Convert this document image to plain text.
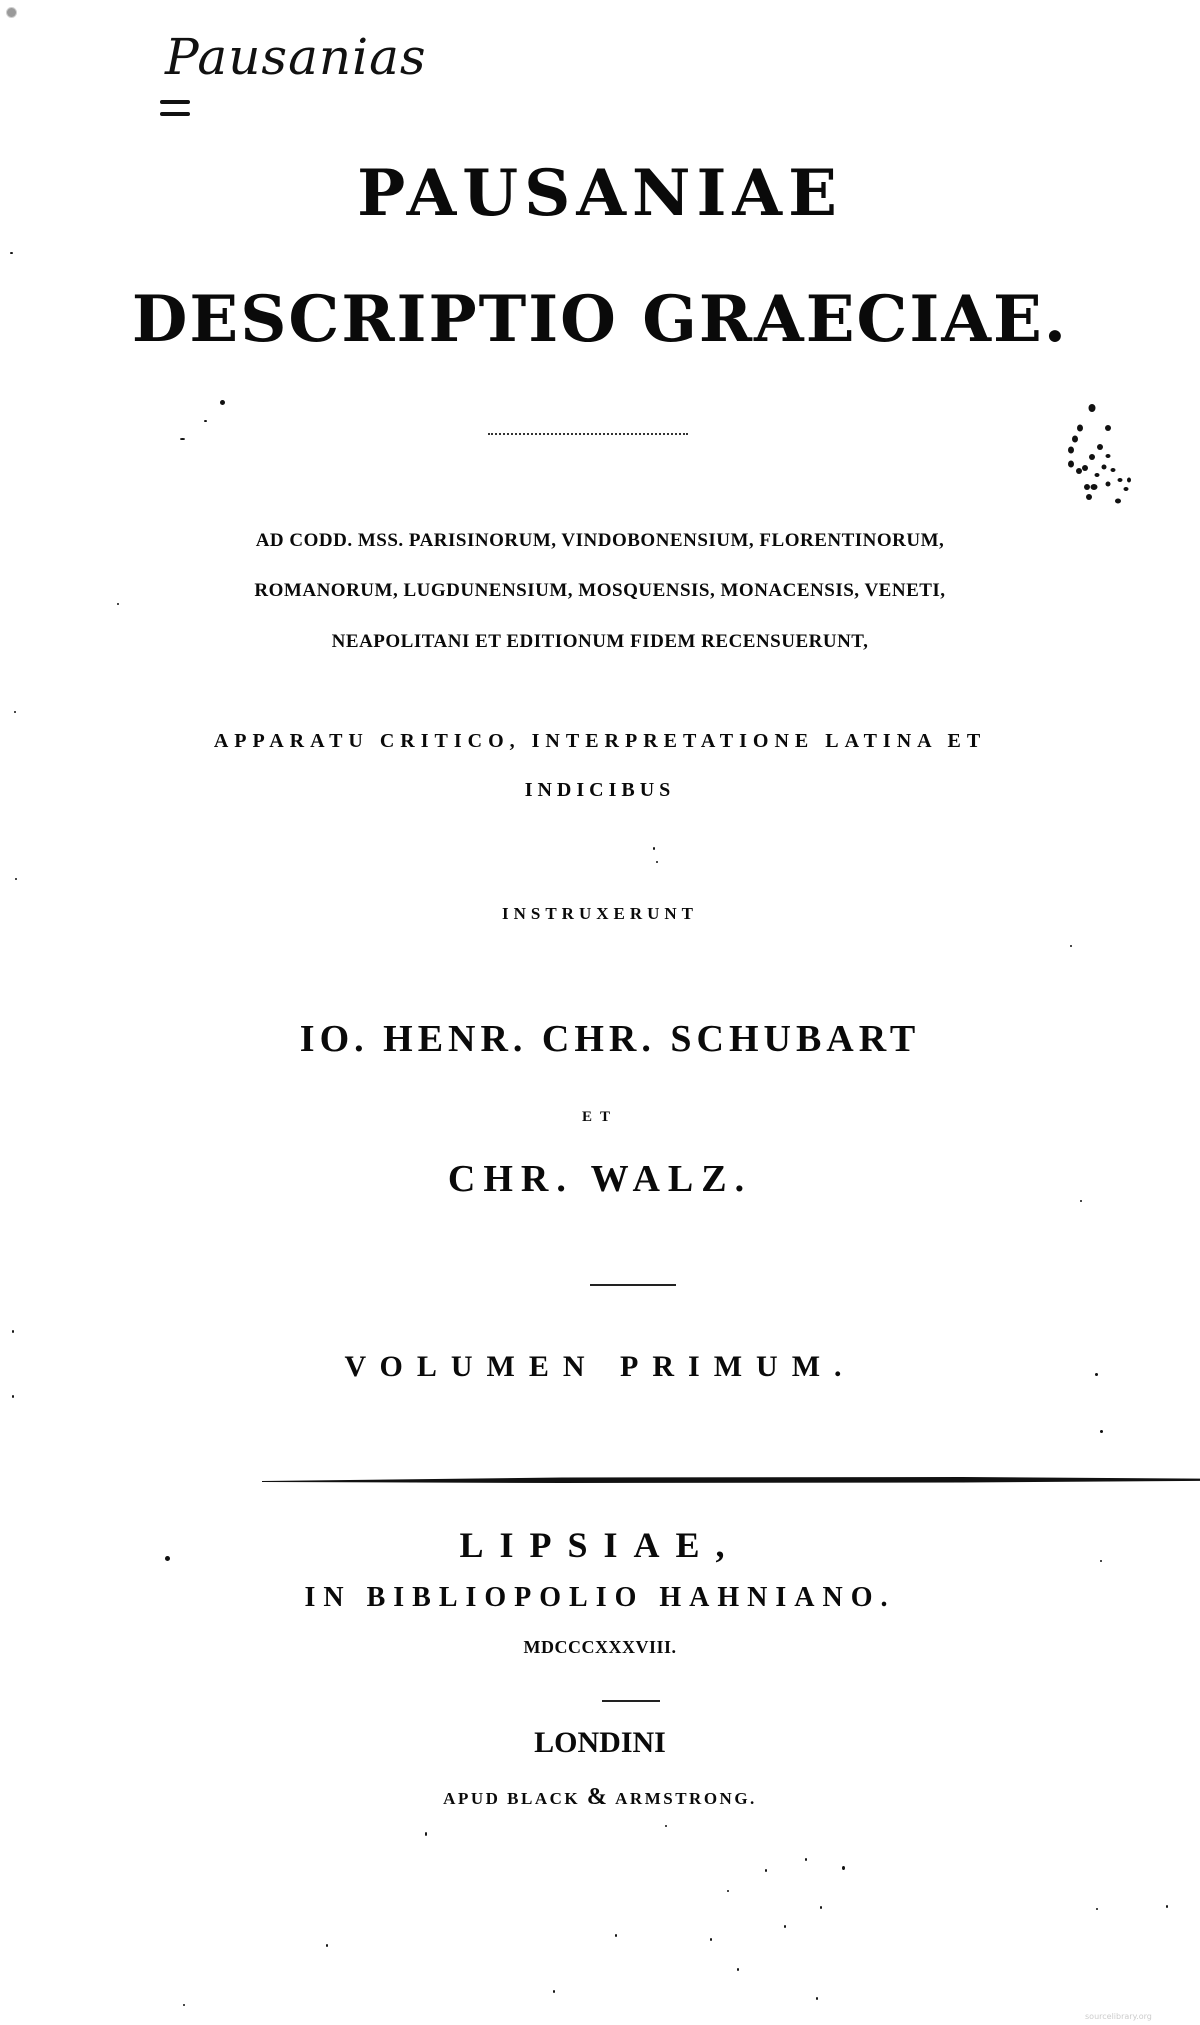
Pausanias
PAUSANIAE
DESCRIPTIO GRAECIAE.
AD CODD. MSS. PARISINORUM, VINDOBONENSIUM, FLORENTINORUM,
ROMANORUM, LUGDUNENSIUM, MOSQUENSIS, MONACENSIS, VENETI,
NEAPOLITANI ET EDITIONUM FIDEM RECENSUERUNT,
APPARATU CRITICO, INTERPRETATIONE LATINA ET
INDICIBUS
INSTRUXERUNT
IO. HENR. CHR. SCHUBART
ET
CHR. WALZ.
VOLUMEN PRIMUM.
LIPSIAE,
IN BIBLIOPOLIO HAHNIANO.
MDCCCXXXVIII.
LONDINI
APUD BLACK & ARMSTRONG.
sourcelibrary.org
